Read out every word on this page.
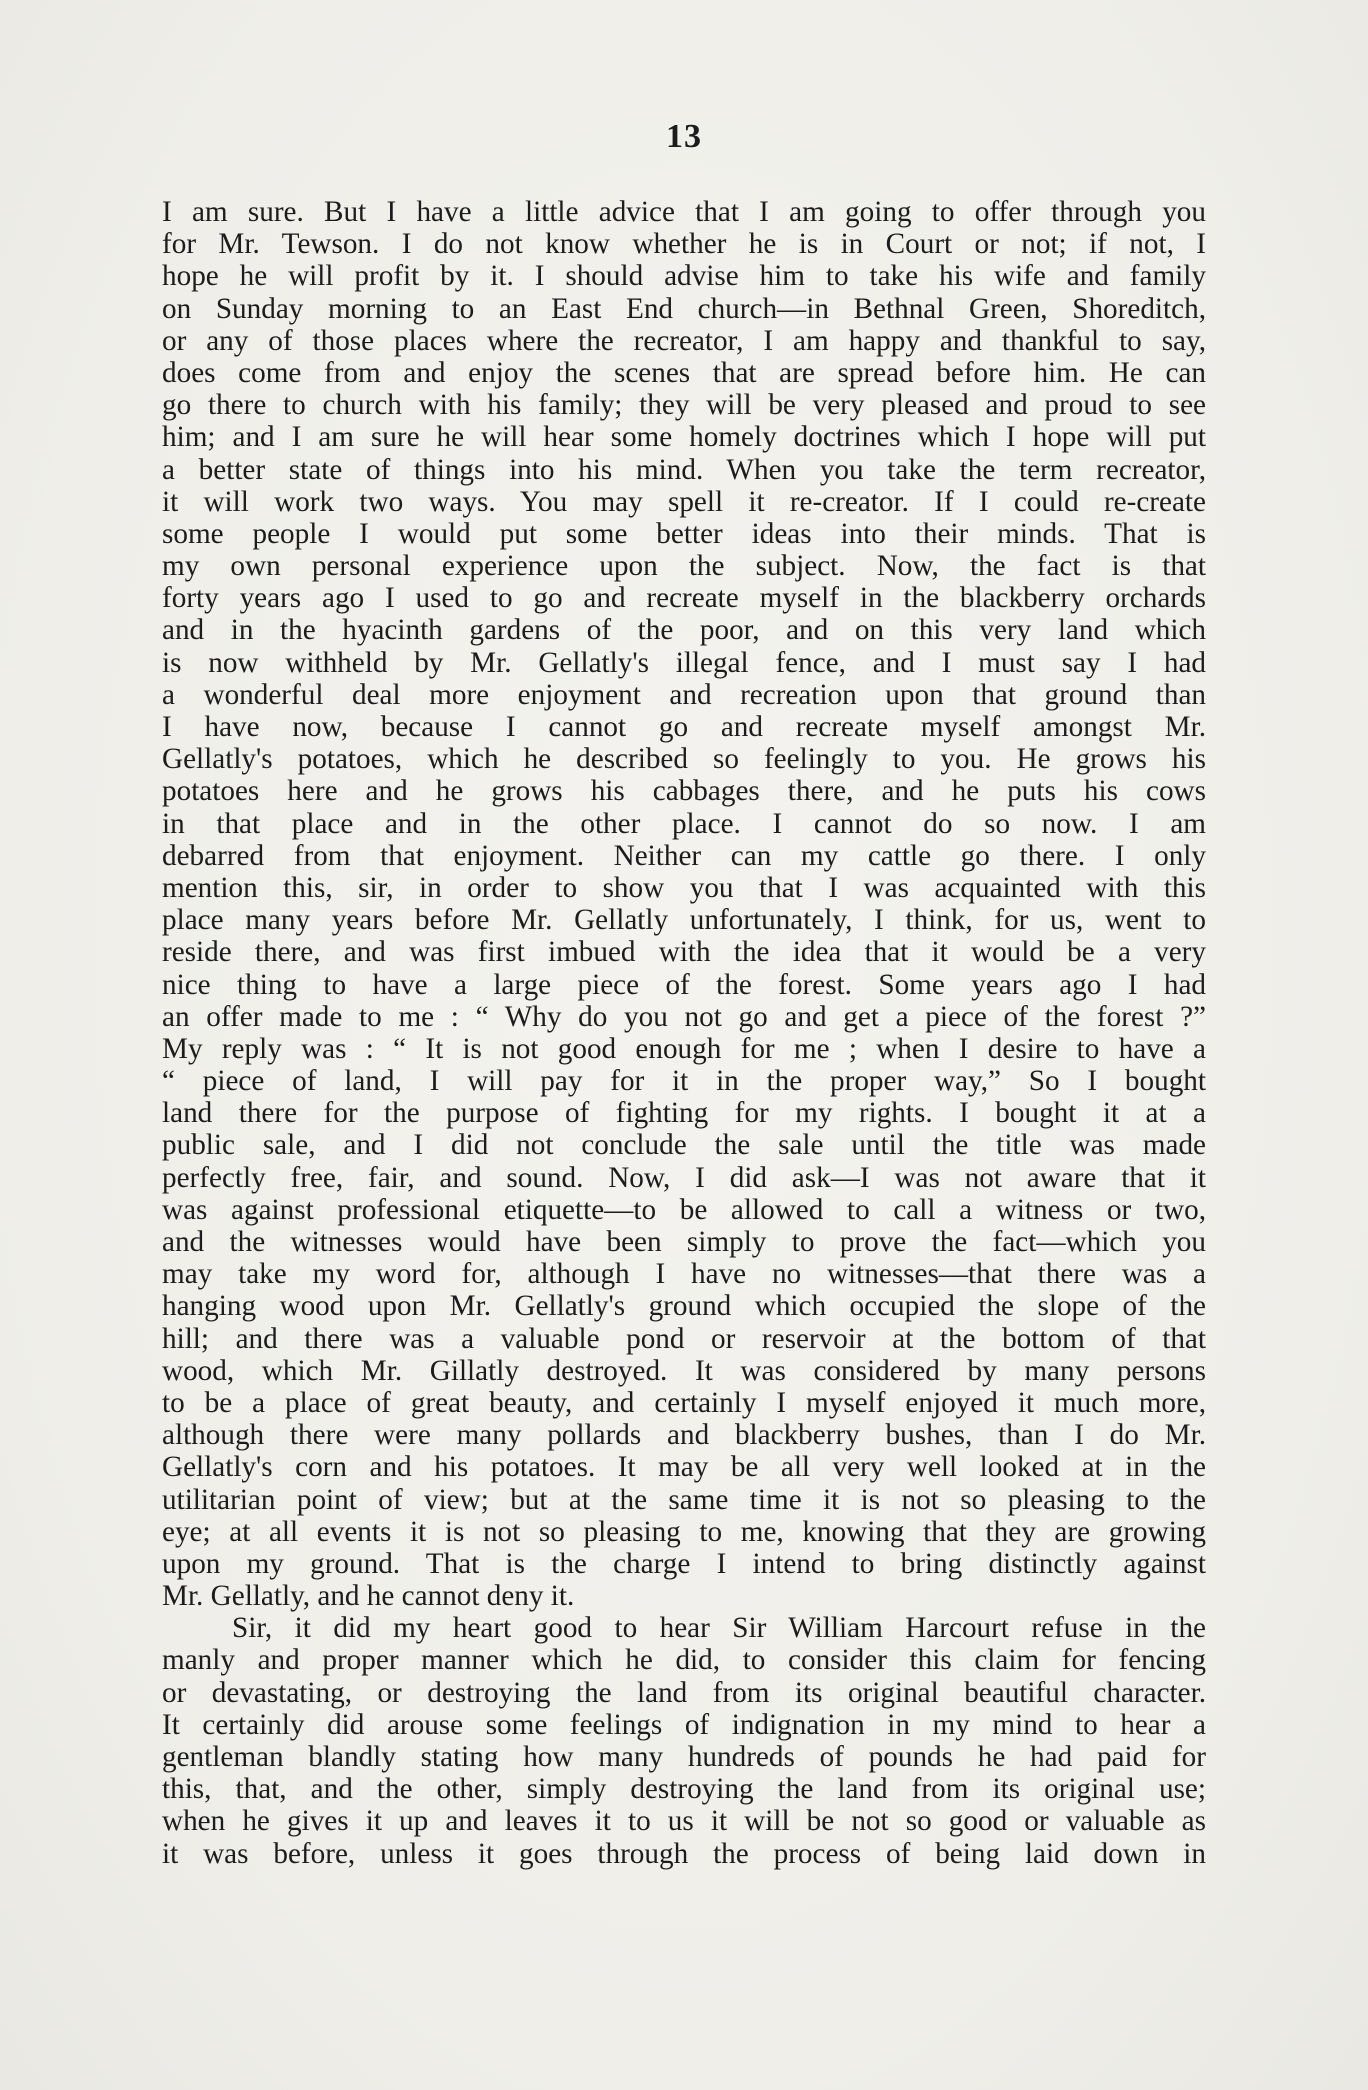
13
I am sure. But I have a little advice that I am going to offer through you
for Mr. Tewson. I do not know whether he is in Court or not; if not, I
hope he will profit by it. I should advise him to take his wife and family
on Sunday morning to an East End church—in Bethnal Green, Shoreditch,
or any of those places where the recreator, I am happy and thankful to say,
does come from and enjoy the scenes that are spread before him. He can
go there to church with his family; they will be very pleased and proud to see
him; and I am sure he will hear some homely doctrines which I hope will put
a better state of things into his mind. When you take the term recreator,
it will work two ways. You may spell it re-creator. If I could re-create
some people I would put some better ideas into their minds. That is
my own personal experience upon the subject. Now, the fact is that
forty years ago I used to go and recreate myself in the blackberry orchards
and in the hyacinth gardens of the poor, and on this very land which
is now withheld by Mr. Gellatly's illegal fence, and I must say I had
a wonderful deal more enjoyment and recreation upon that ground than
I have now, because I cannot go and recreate myself amongst Mr.
Gellatly's potatoes, which he described so feelingly to you. He grows his
potatoes here and he grows his cabbages there, and he puts his cows
in that place and in the other place. I cannot do so now. I am
debarred from that enjoyment. Neither can my cattle go there. I only
mention this, sir, in order to show you that I was acquainted with this
place many years before Mr. Gellatly unfortunately, I think, for us, went to
reside there, and was first imbued with the idea that it would be a very
nice thing to have a large piece of the forest. Some years ago I had
an offer made to me : “ Why do you not go and get a piece of the forest ?”
My reply was : “ It is not good enough for me ; when I desire to have a
“ piece of land, I will pay for it in the proper way,” So I bought
land there for the purpose of fighting for my rights. I bought it at a
public sale, and I did not conclude the sale until the title was made
perfectly free, fair, and sound. Now, I did ask—I was not aware that it
was against professional etiquette—to be allowed to call a witness or two,
and the witnesses would have been simply to prove the fact—which you
may take my word for, although I have no witnesses—that there was a
hanging wood upon Mr. Gellatly's ground which occupied the slope of the
hill; and there was a valuable pond or reservoir at the bottom of that
wood, which Mr. Gillatly destroyed. It was considered by many persons
to be a place of great beauty, and certainly I myself enjoyed it much more,
although there were many pollards and blackberry bushes, than I do Mr.
Gellatly's corn and his potatoes. It may be all very well looked at in the
utilitarian point of view; but at the same time it is not so pleasing to the
eye; at all events it is not so pleasing to me, knowing that they are growing
upon my ground. That is the charge I intend to bring distinctly against
Mr. Gellatly, and he cannot deny it.
Sir, it did my heart good to hear Sir William Harcourt refuse in the
manly and proper manner which he did, to consider this claim for fencing
or devastating, or destroying the land from its original beautiful character.
It certainly did arouse some feelings of indignation in my mind to hear a
gentleman blandly stating how many hundreds of pounds he had paid for
this, that, and the other, simply destroying the land from its original use;
when he gives it up and leaves it to us it will be not so good or valuable as
it was before, unless it goes through the process of being laid down in
